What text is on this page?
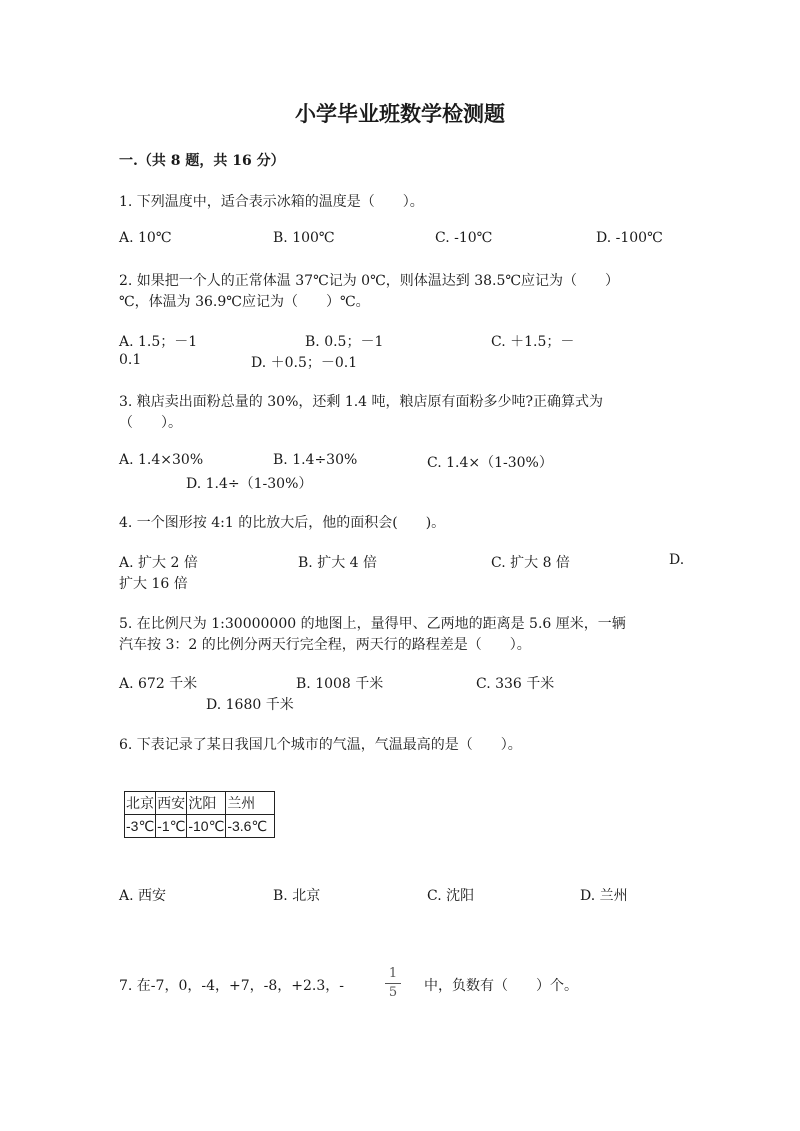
小学毕业班数学检测题
一.（共 8 题，共 16 分）
1. 下列温度中，适合表示冰箱的温度是（　　）。
A. 10℃	B. 100℃	C. -10℃	D. -100℃
2. 如果把一个人的正常体温 37℃记为 0℃，则体温达到 38.5℃应记为（　　）
℃，体温为 36.9℃应记为（　　）℃。
A. 1.5；－1	B. 0.5；－1	C. ＋1.5；－
0.1	D. ＋0.5；－0.1
3. 粮店卖出面粉总量的 30%，还剩 1.4 吨，粮店原有面粉多少吨?正确算式为
（　　）。
A. 1.4×30%	B. 1.4÷30%	C. 1.4×（1-30%）
D. 1.4÷（1-30%）
4. 一个图形按 4:1 的比放大后，他的面积会(　　)。
A. 扩大 2 倍	B. 扩大 4 倍	C. 扩大 8 倍	D.
扩大 16 倍
5. 在比例尺为 1:30000000 的地图上，量得甲、乙两地的距离是 5.6 厘米，一辆
汽车按 3：2 的比例分两天行完全程，两天行的路程差是（　　）。
A. 672 千米	B. 1008 千米	C. 336 千米
D. 1680 千米
6. 下表记录了某日我国几个城市的气温，气温最高的是（　　）。
北京	西安	沈阳	兰州
-3℃	-1℃	-10℃	-3.6℃
A. 西安	B. 北京	C. 沈阳	D. 兰州
7. 在-7，0，-4，+7，-8，+2.3，-
1
5	中，负数有（　　）个。
